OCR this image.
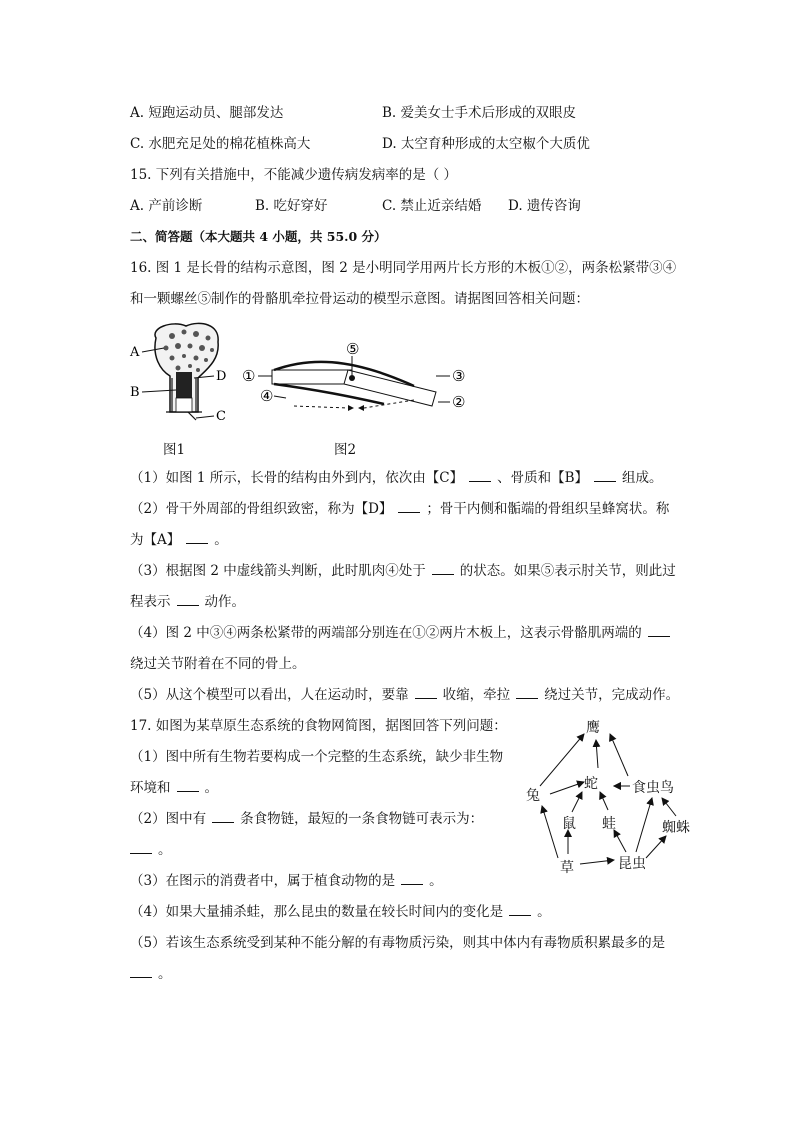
A. 短跑运动员、腿部发达	B. 爱美女士手术后形成的双眼皮
C. 水肥充足处的棉花植株高大	D. 太空育种形成的太空椒个大质优
15. 下列有关措施中，不能减少遗传病发病率的是（ ）
A. 产前诊断	B. 吃好穿好	C. 禁止近亲结婚 D. 遗传咨询
二、简答题（本大题共 4 小题，共 55.0 分）
16. 图 1 是长骨的结构示意图，图 2 是小明同学用两片长方形的木板①②，两条松紧带③④
和一颗螺丝⑤制作的骨骼肌牵拉骨运动的模型示意图。请据图回答相关问题：
A
B
D
C
图1
①
⑤
③
④	②
图2
（1）如图 1 所示，长骨的结构由外到内，依次由【C】	、骨质和【B】	组成。
（2）骨干外周部的骨组织致密，称为【D】	；骨干内侧和骺端的骨组织呈蜂窝状。称
为【A】	。
（3）根据图 2 中虚线箭头判断，此时肌肉④处于	的状态。如果⑤表示肘关节，则此过
程表示	动作。
（4）图 2 中③④两条松紧带的两端部分别连在①②两片木板上，这表示骨骼肌两端的
绕过关节附着在不同的骨上。
（5）从这个模型可以看出，人在运动时，要靠	收缩，牵拉	绕过关节，完成动作。
17. 如图为某草原生态系统的食物网简图，据图回答下列问题：
（1）图中所有生物若要构成一个完整的生态系统，缺少非生物
环境和	。
（2）图中有	条食物链，最短的一条食物链可表示为：
。
（3）在图示的消费者中，属于植食动物的是	。
（4）如果大量捕杀蛙，那么昆虫的数量在较长时间内的变化是	。
（5）若该生态系统受到某种不能分解的有毒物质污染，则其中体内有毒物质积累最多的是
。
鹰
蛇 食虫鸟
兔
鼠 蛙	蜘蛛
草	昆虫
